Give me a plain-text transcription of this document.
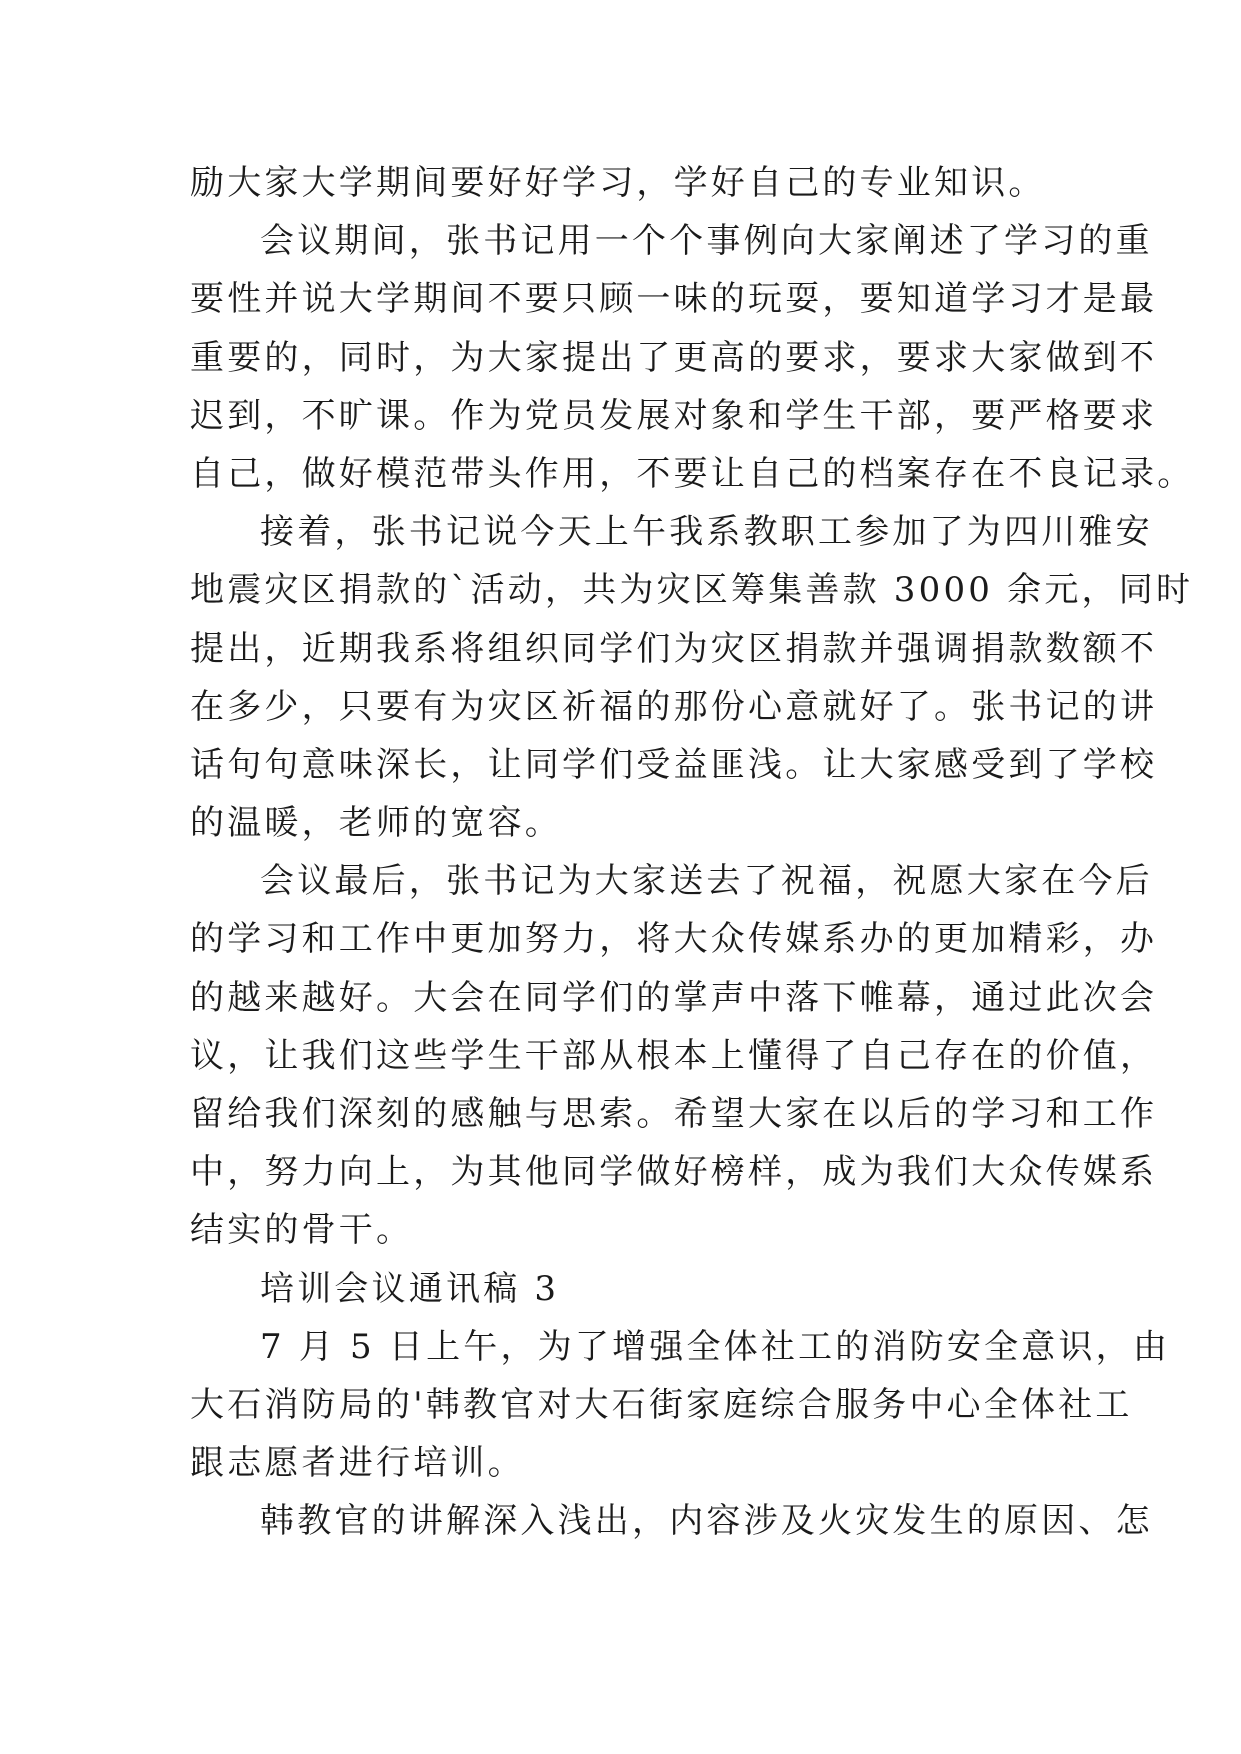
励大家大学期间要好好学习，学好自己的专业知识。
会议期间，张书记用一个个事例向大家阐述了学习的重
要性并说大学期间不要只顾一味的玩耍，要知道学习才是最
重要的，同时，为大家提出了更高的要求，要求大家做到不
迟到，不旷课。作为党员发展对象和学生干部，要严格要求
自己，做好模范带头作用，不要让自己的档案存在不良记录。
接着，张书记说今天上午我系教职工参加了为四川雅安
地震灾区捐款的`活动，共为灾区筹集善款 3000 余元，同时
提出，近期我系将组织同学们为灾区捐款并强调捐款数额不
在多少，只要有为灾区祈福的那份心意就好了。张书记的讲
话句句意味深长，让同学们受益匪浅。让大家感受到了学校
的温暖，老师的宽容。
会议最后，张书记为大家送去了祝福，祝愿大家在今后
的学习和工作中更加努力，将大众传媒系办的更加精彩，办
的越来越好。大会在同学们的掌声中落下帷幕，通过此次会
议，让我们这些学生干部从根本上懂得了自己存在的价值，
留给我们深刻的感触与思索。希望大家在以后的学习和工作
中，努力向上，为其他同学做好榜样，成为我们大众传媒系
结实的骨干。
培训会议通讯稿 3
7 月 5 日上午，为了增强全体社工的消防安全意识，由
大石消防局的'韩教官对大石街家庭综合服务中心全体社工
跟志愿者进行培训。
韩教官的讲解深入浅出，内容涉及火灾发生的原因、怎
